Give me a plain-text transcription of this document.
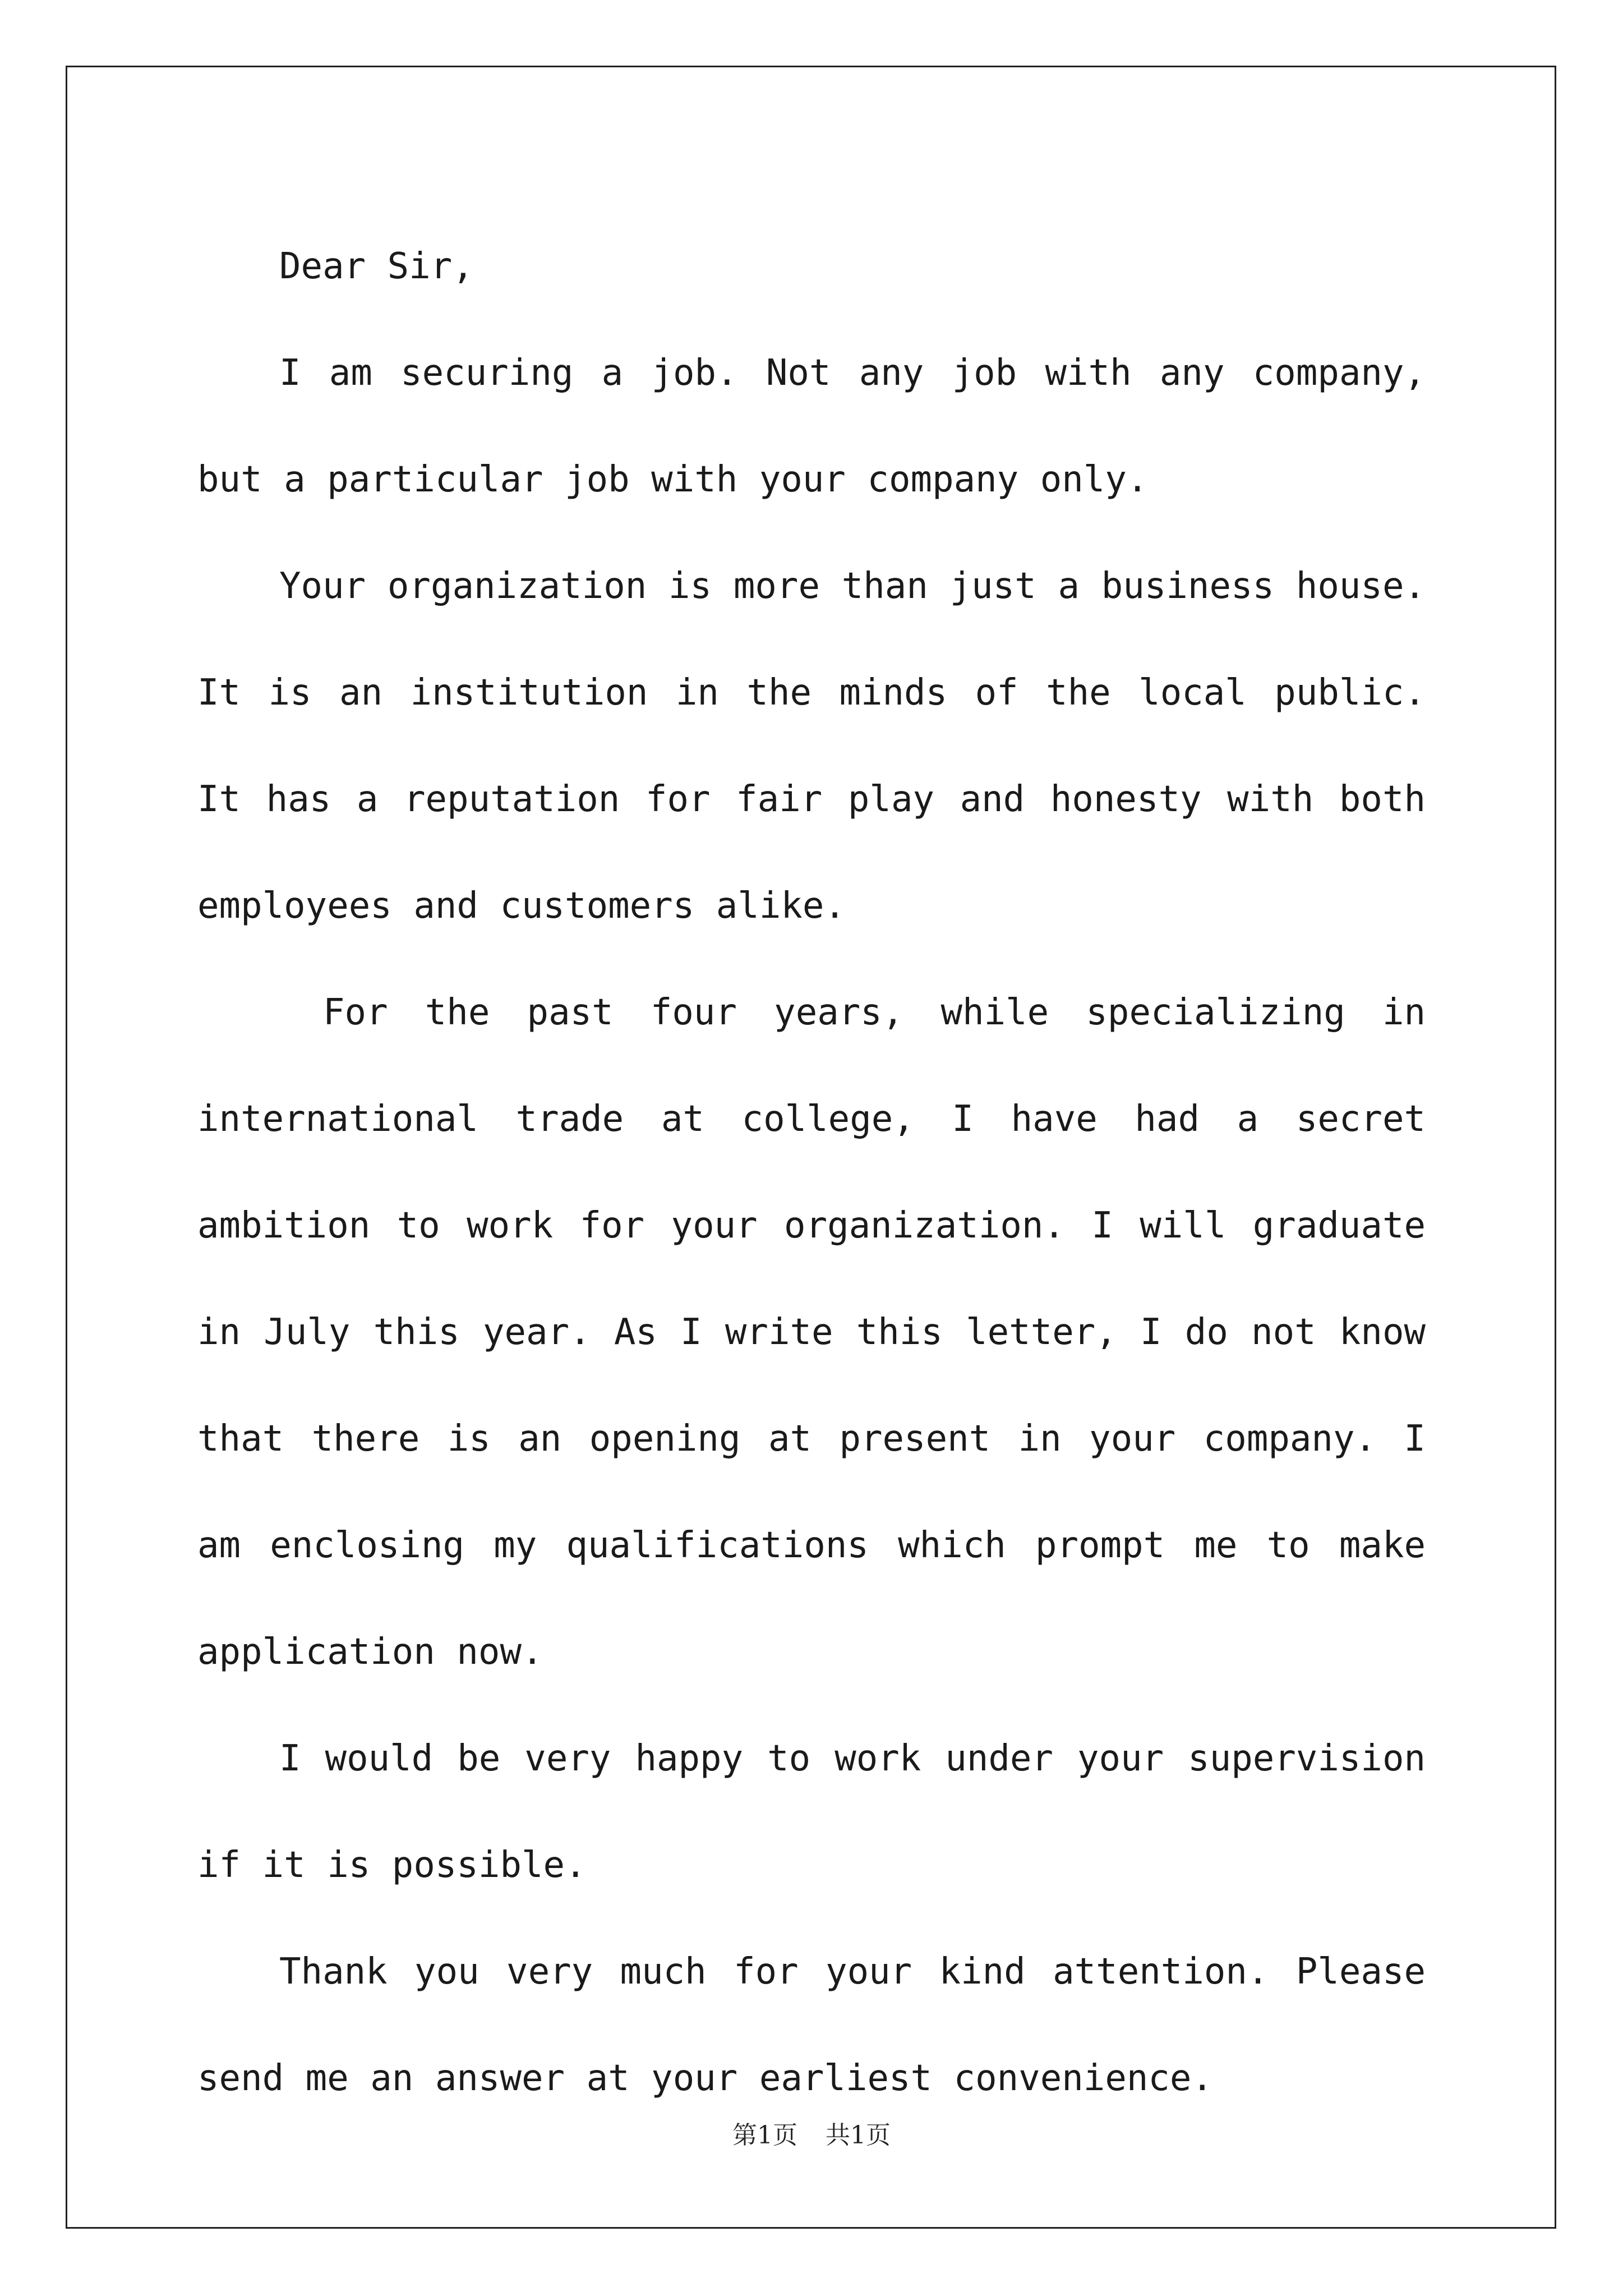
Dear Sir,

I am securing a job. Not any job with any company, but a particular job with your company only.

Your organization is more than just a business house. It is an institution in the minds of the local public. It has a reputation for fair play and honesty with both employees and customers alike.

For the past four years, while specializing in international trade at college, I have had a secret ambition to work for your organization. I will graduate in July this year. As I write this letter, I do not know that there is an opening at present in your company. I am enclosing my qualifications which prompt me to make application now.

I would be very happy to work under your supervision if it is possible.

Thank you very much for your kind attention. Please send me an answer at your earliest convenience.

第1页 共1页
